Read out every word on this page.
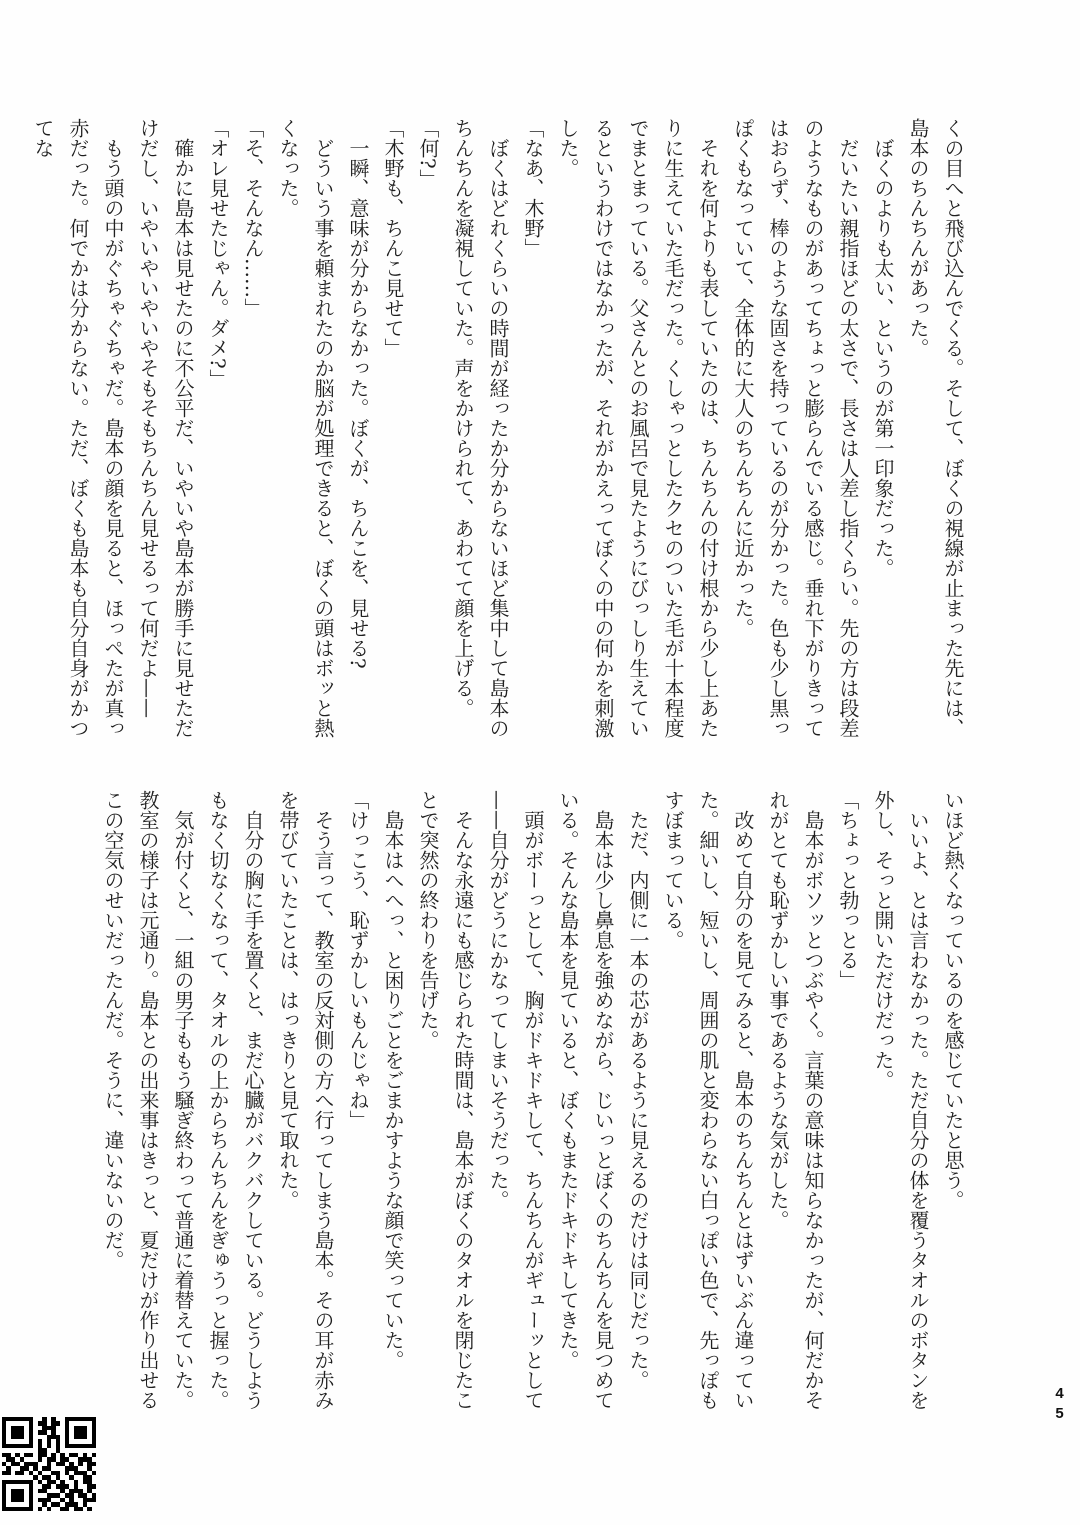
くの目へと飛び込んでくる。そして、ぼくの視線が止まった先には、島本のちんちんがあった。

ぼくのよりも太い、というのが第一印象だった。

だいたい親指ほどの太さで、長さは人差し指くらい。先の方は段差のようなものがあってちょっと膨らんでいる感じ。垂れ下がりきってはおらず、棒のような固さを持っているのが分かった。色も少し黒っぽくもなっていて、全体的に大人のちんちんに近かった。

それを何よりも表していたのは、ちんちんの付け根から少し上あたりに生えていた毛だった。くしゃっとしたクセのついた毛が十本程度でまとまっている。父さんとのお風呂で見たようにびっしり生えているというわけではなかったが、それがかえってぼくの中の何かを刺激した。

「なあ、木野」

ぼくはどれくらいの時間が経ったか分からないほど集中して島本のちんちんを凝視していた。声をかけられて、あわてて顔を上げる。

「何?」

「木野も、ちんこ見せて」

一瞬、意味が分からなかった。ぼくが、ちんこを、見せる?

どういう事を頼まれたのか脳が処理できると、ぼくの頭はボッと熱くなった。

「そ、そんなん……」

「オレ見せたじゃん。ダメ?」

確かに島本は見せたのに不公平だ、いやいや島本が勝手に見せただけだし、いやいやいやいやそもそもちんちん見せるって何だよ——

もう頭の中がぐちゃぐちゃだ。島本の顔を見ると、ほっぺたが真っ赤だった。何でかは分からない。ただ、ぼくも島本も自分自身がかつてな

いほど熱くなっているのを感じていたと思う。

いいよ、とは言わなかった。ただ自分の体を覆うタオルのボタンを外し、そっと開いただけだった。

「ちょっと勃っとる」

島本がボソッとつぶやく。言葉の意味は知らなかったが、何だかそれがとても恥ずかしい事であるような気がした。

改めて自分のを見てみると、島本のちんちんとはずいぶん違っていた。細いし、短いし、周囲の肌と変わらない白っぽい色で、先っぽもすぼまっている。

ただ、内側に一本の芯があるように見えるのだけは同じだった。

島本は少し鼻息を強めながら、じいっとぼくのちんちんを見つめている。そんな島本を見ていると、ぼくもまたドキドキしてきた。

頭がボーっとして、胸がドキドキして、ちんちんがギューッとして——自分がどうにかなってしまいそうだった。

そんな永遠にも感じられた時間は、島本がぼくのタオルを閉じたことで突然の終わりを告げた。

島本はへへっ、と困りごとをごまかすような顔で笑っていた。

「けっこう、恥ずかしいもんじゃね」

そう言って、教室の反対側の方へ行ってしまう島本。その耳が赤みを帯びていたことは、はっきりと見て取れた。

自分の胸に手を置くと、まだ心臓がバクバクしている。どうしようもなく切なくなって、タオルの上からちんちんをぎゅうっと握った。

気が付くと、一組の男子ももう騒ぎ終わって普通に着替えていた。教室の様子は元通り。島本との出来事はきっと、夏だけが作り出せるこの空気のせいだったんだ。そうに、違いないのだ。

45
